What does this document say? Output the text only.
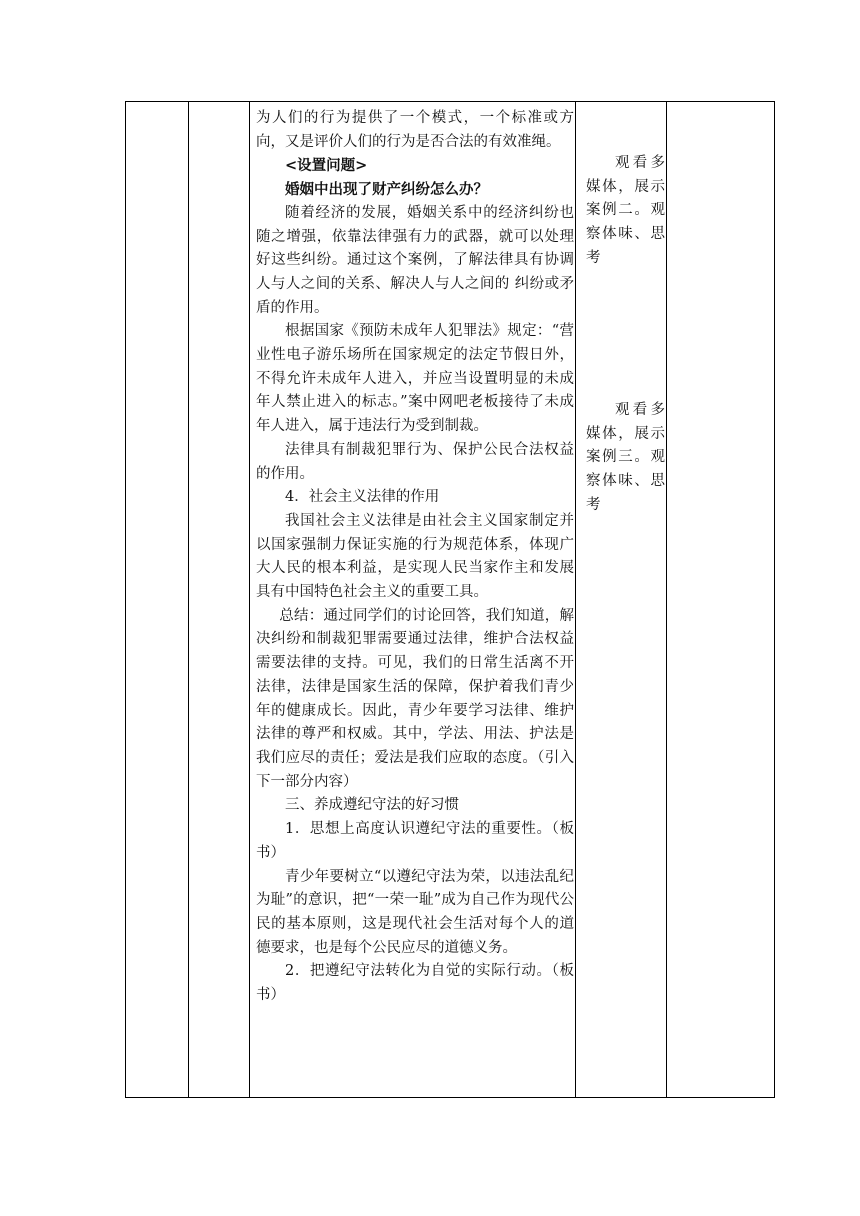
为人们的行为提供了一个模式，一个标准或方向，又是评价人们的行为是否合法的有效准绳。

<设置问题>

婚姻中出现了财产纠纷怎么办？

随着经济的发展，婚姻关系中的经济纠纷也随之增强，依靠法律强有力的武器，就可以处理好这些纠纷。通过这个案例，了解法律具有协调人与人之间的关系、解决人与人之间的 纠纷或矛盾的作用。

根据国家《预防未成年人犯罪法》规定：“营业性电子游乐场所在国家规定的法定节假日外，不得允许未成年人进入，并应当设置明显的未成年人禁止进入的标志。”案中网吧老板接待了未成年人进入，属于违法行为受到制裁。

法律具有制裁犯罪行为、保护公民合法权益的作用。

4．社会主义法律的作用

我国社会主义法律是由社会主义国家制定并以国家强制力保证实施的行为规范体系，体现广大人民的根本利益，是实现人民当家作主和发展具有中国特色社会主义的重要工具。

总结：通过同学们的讨论回答，我们知道，解决纠纷和制裁犯罪需要通过法律，维护合法权益需要法律的支持。可见，我们的日常生活离不开法律，法律是国家生活的保障，保护着我们青少年的健康成长。因此，青少年要学习法律、维护法律的尊严和权威。其中，学法、用法、护法是我们应尽的责任；爱法是我们应取的态度。（引入下一部分内容）

三、养成遵纪守法的好习惯

1．思想上高度认识遵纪守法的重要性。（板书）

青少年要树立“以遵纪守法为荣，以违法乱纪为耻”的意识，把“一荣一耻”成为自己作为现代公民的基本原则，这是现代社会生活对每个人的道德要求，也是每个公民应尽的道德义务。

2．把遵纪守法转化为自觉的实际行动。（板书）

观看多媒体，展示案例二。观察体味、思考

观看多媒体，展示案例三。观察体味、思考
